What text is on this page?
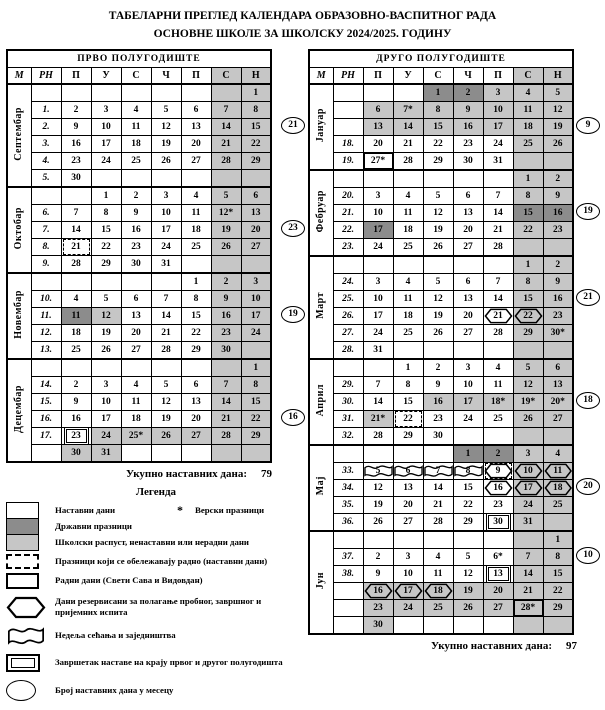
ТАБЕЛАРНИ ПРЕГЛЕД КАЛЕНДАРА ОБРАЗОВНО-ВАСПИТНОГ РАДА
ОСНОВНЕ ШКОЛЕ ЗА ШКОЛСКУ 2024/2025. ГОДИНУ
ПРВО ПОЛУГОДИШТЕ								
М	РН	П	У	С	Ч	П	С	Н
Септембар								1
	1.	2	3	4	5	6	7	8
	2.	9	10	11	12	13	14	15
	3.	16	17	18	19	20	21	22
	4.	23	24	25	26	27	28	29
	5.	30						
Октобар			1	2	3	4	5	6
	6.	7	8	9	10	11	12*	13
	7.	14	15	16	17	18	19	20
	8.	21	22	23	24	25	26	27
	9.	28	29	30	31			
Новембар						1	2	3
	10.	4	5	6	7	8	9	10
	11.	11	12	13	14	15	16	17
	12.	18	19	20	21	22	23	24
	13.	25	26	27	28	29	30	
Децембар								1
	14.	2	3	4	5	6	7	8
	15.	9	10	11	12	13	14	15
	16.	16	17	18	19	20	21	22
	17.	23	24	25*	26	27	28	29
		30	31					
21
23
19
16
Укупно наставних дана: 79
Легенда
Наставни дани	*	Верски празници
Државни празници
Школски распуст, ненаставни или нерадни дани
Празници који се обележавају радно (наставни дани)
Радни дани (Свети Сава и Видовдан)
Дани резервисани за полагање пробног, завршног и пријемних испита
Недеља сећања и заједништва
Завршетак наставе на крају првог и другог полугодишта
Број наставних дана у месецу
ДРУГО ПОЛУГОДИШТЕ								
М	РН	П	У	С	Ч	П	С	Н
Јануар				1	2	3	4	5
		6	7*	8	9	10	11	12
		13	14	15	16	17	18	19
	18.	20	21	22	23	24	25	26
	19.	27*	28	29	30	31		
Фебруар							1	2
	20.	3	4	5	6	7	8	9
	21.	10	11	12	13	14	15	16
	22.	17	18	19	20	21	22	23
	23.	24	25	26	27	28		
Март							1	2
	24.	3	4	5	6	7	8	9
	25.	10	11	12	13	14	15	16
	26.	17	18	19	20	21	22	23
	27.	24	25	26	27	28	29	30*
	28.	31						
Април			1	2	3	4	5	6
	29.	7	8	9	10	11	12	13
	30.	14	15	16	17	18*	19*	20*
	31.	21*	22	23	24	25	26	27
	32.	28	29	30				
Мај					1	2	3	4
	33.	5	6	7	8	9	10	11
	34.	12	13	14	15	16	17	18
	35.	19	20	21	22	23	24	25
	36.	26	27	28	29	30	31	
Јун								1
	37.	2	3	4	5	6*	7	8
	38.	9	10	11	12	13	14	15

16	17	18	19	20	21	22
		23	24	25	26	27	28*	29
		30						
9
19
21
18
20
10
Укупно наставних дана: 97
